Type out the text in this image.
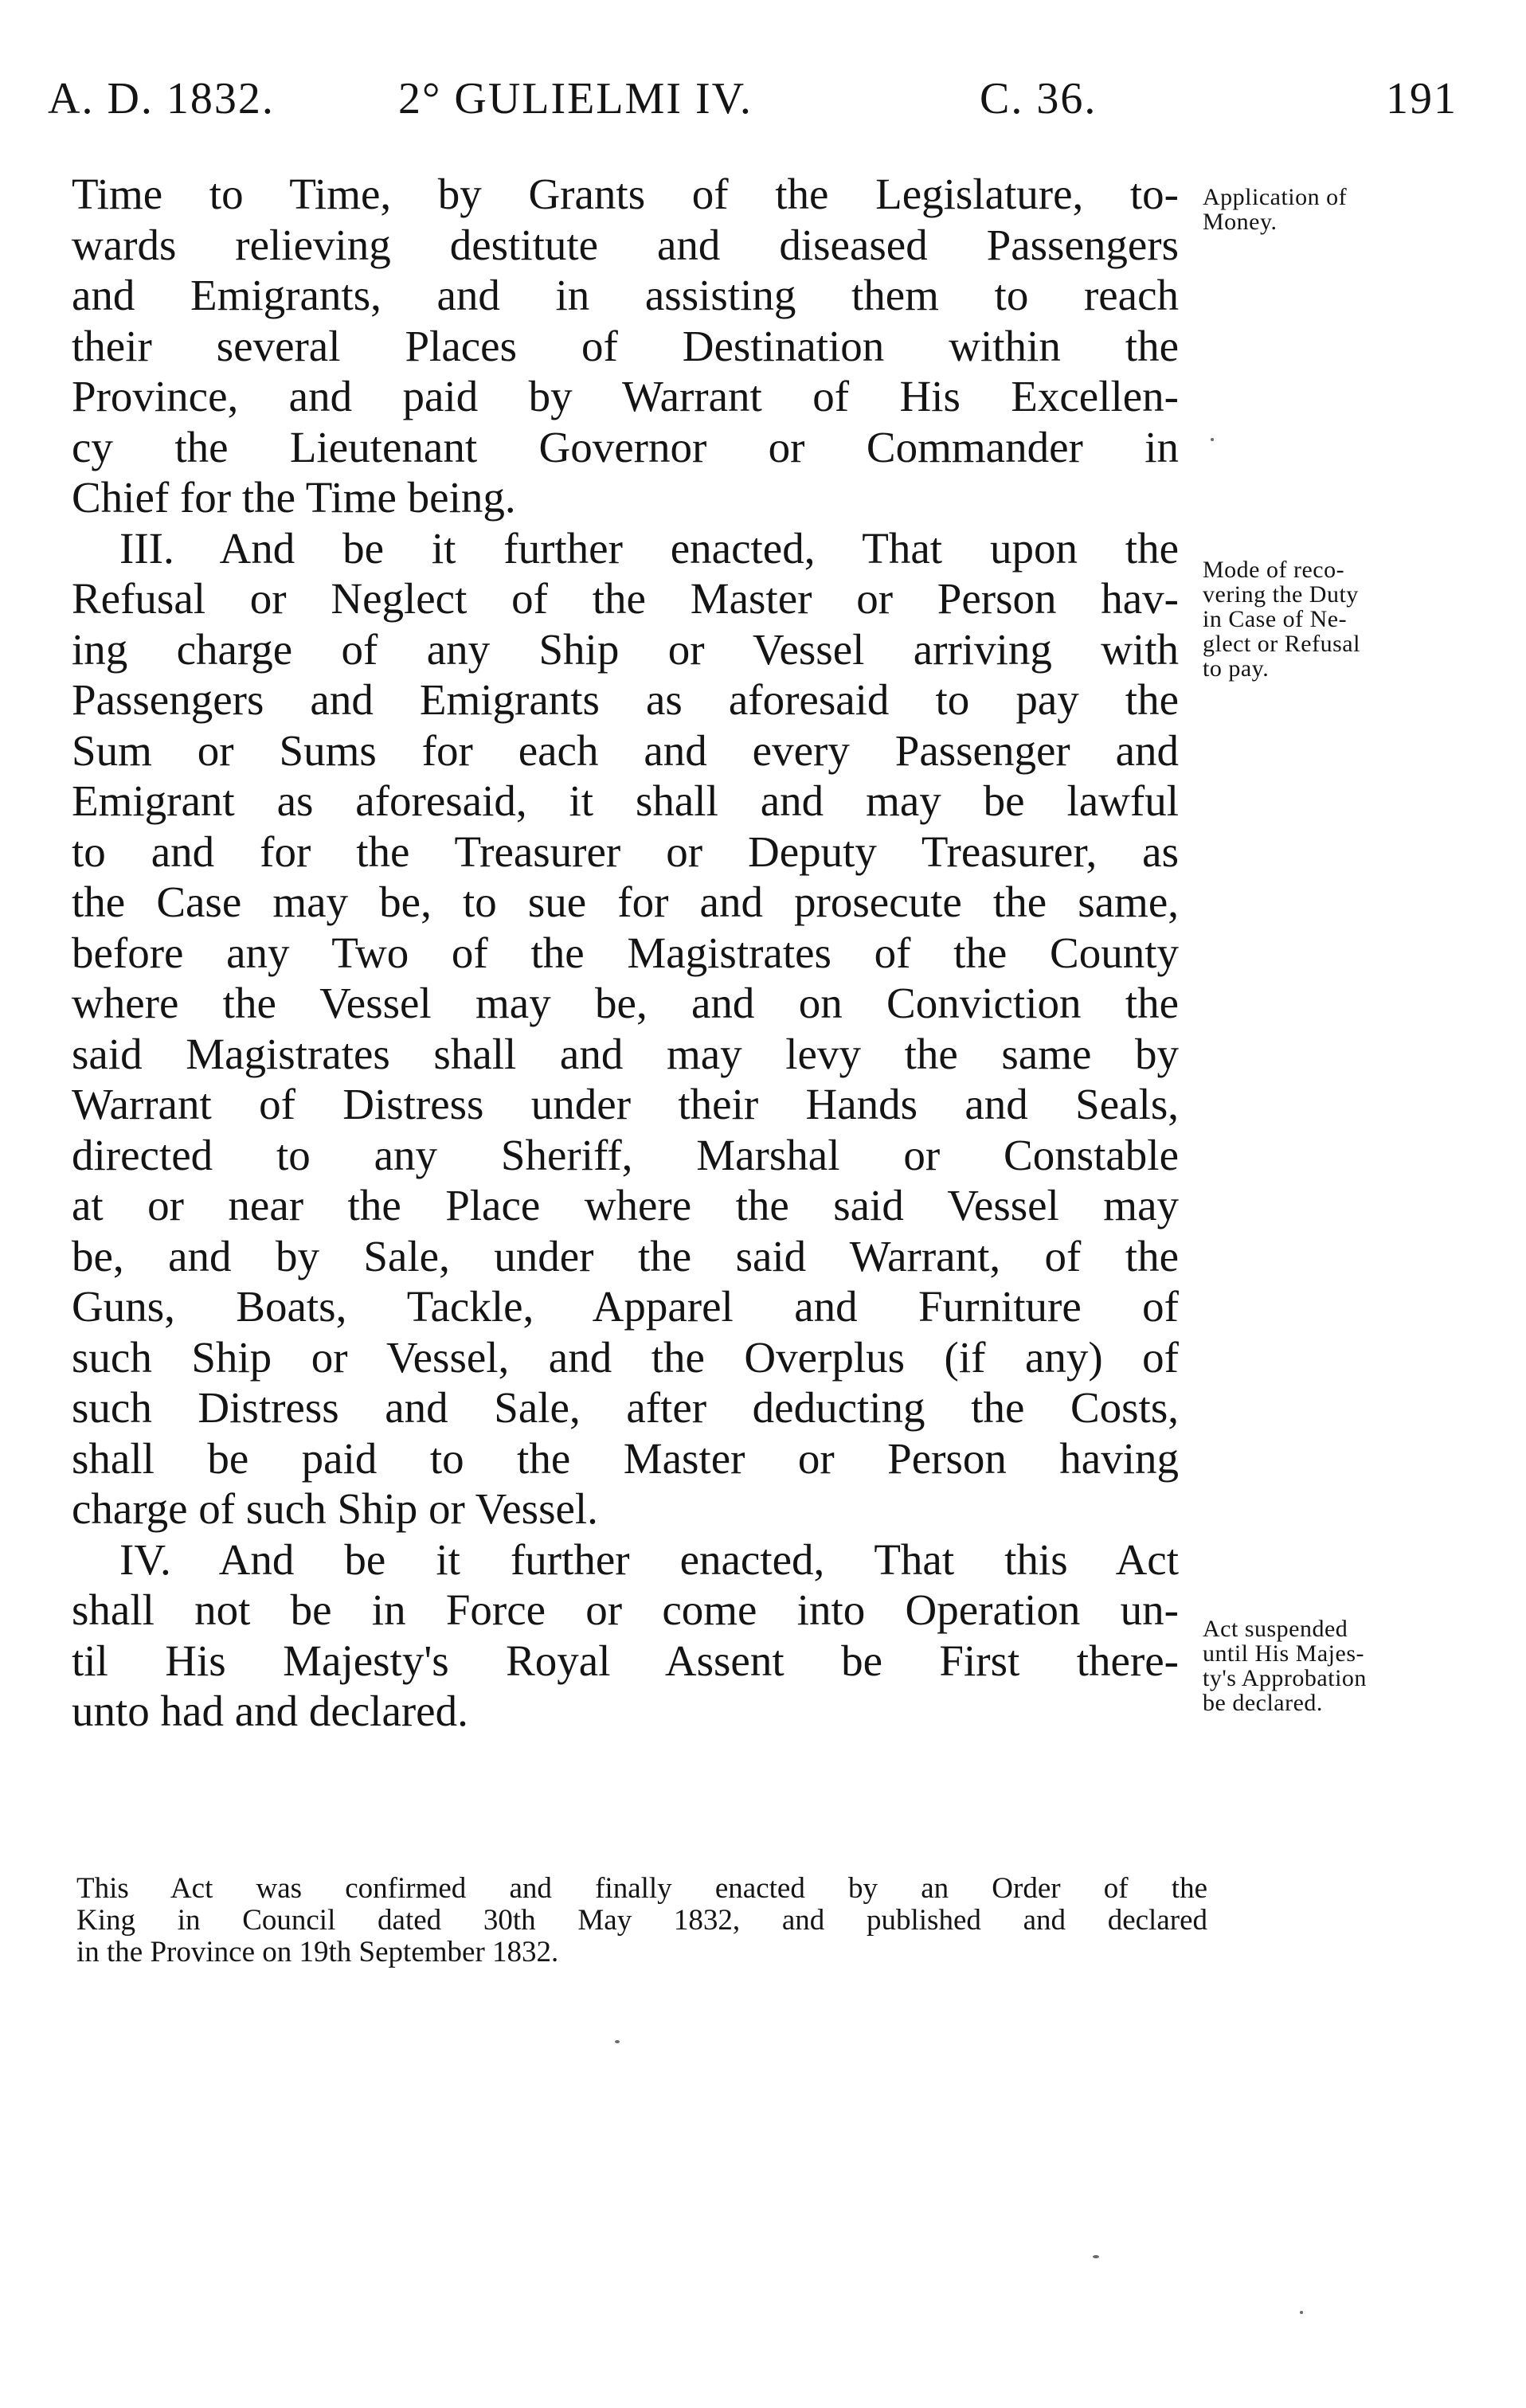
A. D. 1832.	2° GULIELMI IV.	C. 36.	191
Time to Time, by Grants of the Legislature, to-
wards relieving destitute and diseased Passengers
and Emigrants, and in assisting them to reach
their several Places of Destination within the
Province, and paid by Warrant of His Excellen-
cy the Lieutenant Governor or Commander in
Chief for the Time being.
III. And be it further enacted, That upon the
Refusal or Neglect of the Master or Person hav-
ing charge of any Ship or Vessel arriving with
Passengers and Emigrants as aforesaid to pay the
Sum or Sums for each and every Passenger and
Emigrant as aforesaid, it shall and may be lawful
to and for the Treasurer or Deputy Treasurer, as
the Case may be, to sue for and prosecute the same,
before any Two of the Magistrates of the County
where the Vessel may be, and on Conviction the
said Magistrates shall and may levy the same by
Warrant of Distress under their Hands and Seals,
directed to any Sheriff, Marshal or Constable
at or near the Place where the said Vessel may
be, and by Sale, under the said Warrant, of the
Guns, Boats, Tackle, Apparel and Furniture of
such Ship or Vessel, and the Overplus (if any) of
such Distress and Sale, after deducting the Costs,
shall be paid to the Master or Person having
charge of such Ship or Vessel.
IV. And be it further enacted, That this Act
shall not be in Force or come into Operation un-
til His Majesty's Royal Assent be First there-
unto had and declared.
Application of
Money.
Mode of reco-
vering the Duty
in Case of Ne-
glect or Refusal
to pay.
Act suspended
until His Majes-
ty's Approbation
be declared.
This Act was confirmed and finally enacted by an Order of the
King in Council dated 30th May 1832, and published and declared
in the Province on 19th September 1832.
